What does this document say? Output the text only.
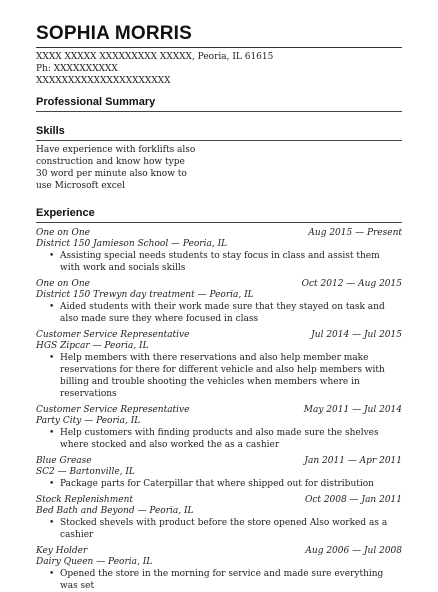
SOPHIA MORRIS
XXXX XXXXX XXXXXXXXX XXXXX, Peoria, IL 61615
Ph: XXXXXXXXXX
XXXXXXXXXXXXXXXXXXXXX
Professional Summary
Skills
Have experience with forklifts also construction and know how type 30 word per minute also know to use Microsoft excel
Experience
One on One	Aug 2015 — Present
District 150 Jamieson School — Peoria, IL
• Assisting special needs students to stay focus in class and assist them with work and socials skills
One on One	Oct 2012 — Aug 2015
District 150 Trewyn day treatment — Peoria, IL
• Aided students with their work made sure that they stayed on task and also made sure they where focused in class
Customer Service Representative	Jul 2014 — Jul 2015
HGS Zipcar — Peoria, IL
• Help members with there reservations and also help member make reservations for there for different vehicle and also help members with billing and trouble shooting the vehicles when members where in reservations
Customer Service Representative	May 2011 — Jul 2014
Party City — Peoria, IL
• Help customers with finding products and also made sure the shelves where stocked and also worked the as a cashier
Blue Grease	Jan 2011 — Apr 2011
SC2 — Bartonville, IL
• Package parts for Caterpillar that where shipped out for distribution
Stock Replenishment	Oct 2008 — Jan 2011
Bed Bath and Beyond — Peoria, IL
• Stocked shevels with product before the store opened Also worked as a cashier
Key Holder	Aug 2006 — Jul 2008
Dairy Queen — Peoria, IL
• Opened the store in the morning for service and made sure everything was set
